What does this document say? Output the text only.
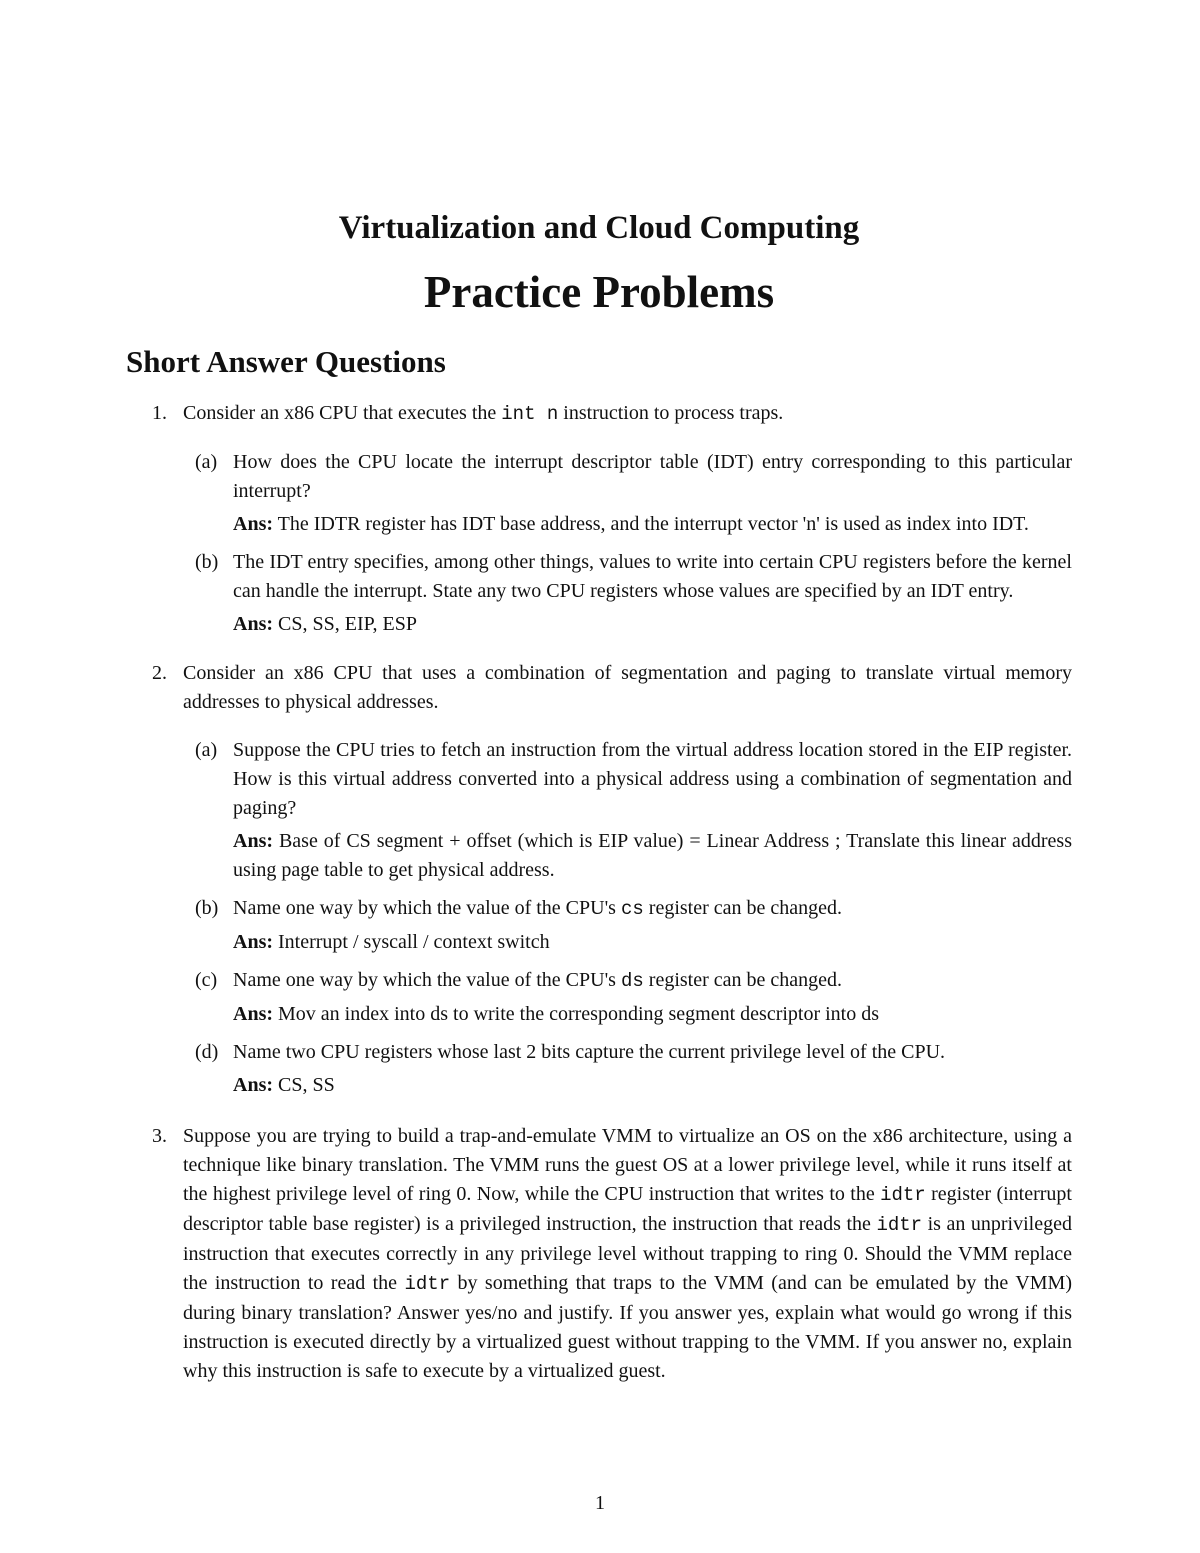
Virtualization and Cloud Computing
Practice Problems
Short Answer Questions
1. Consider an x86 CPU that executes the int n instruction to process traps.
(a) How does the CPU locate the interrupt descriptor table (IDT) entry corresponding to this particular interrupt?
Ans: The IDTR register has IDT base address, and the interrupt vector 'n' is used as index into IDT.
(b) The IDT entry specifies, among other things, values to write into certain CPU registers before the kernel can handle the interrupt. State any two CPU registers whose values are specified by an IDT entry.
Ans: CS, SS, EIP, ESP
2. Consider an x86 CPU that uses a combination of segmentation and paging to translate virtual memory addresses to physical addresses.
(a) Suppose the CPU tries to fetch an instruction from the virtual address location stored in the EIP register. How is this virtual address converted into a physical address using a combination of segmentation and paging?
Ans: Base of CS segment + offset (which is EIP value) = Linear Address ; Translate this linear address using page table to get physical address.
(b) Name one way by which the value of the CPU's cs register can be changed.
Ans: Interrupt / syscall / context switch
(c) Name one way by which the value of the CPU's ds register can be changed.
Ans: Mov an index into ds to write the corresponding segment descriptor into ds
(d) Name two CPU registers whose last 2 bits capture the current privilege level of the CPU.
Ans: CS, SS
3. Suppose you are trying to build a trap-and-emulate VMM to virtualize an OS on the x86 architecture, using a technique like binary translation. The VMM runs the guest OS at a lower privilege level, while it runs itself at the highest privilege level of ring 0. Now, while the CPU instruction that writes to the idtr register (interrupt descriptor table base register) is a privileged instruction, the instruction that reads the idtr is an unprivileged instruction that executes correctly in any privilege level without trapping to ring 0. Should the VMM replace the instruction to read the idtr by something that traps to the VMM (and can be emulated by the VMM) during binary translation? Answer yes/no and justify. If you answer yes, explain what would go wrong if this instruction is executed directly by a virtualized guest without trapping to the VMM. If you answer no, explain why this instruction is safe to execute by a virtualized guest.
1
